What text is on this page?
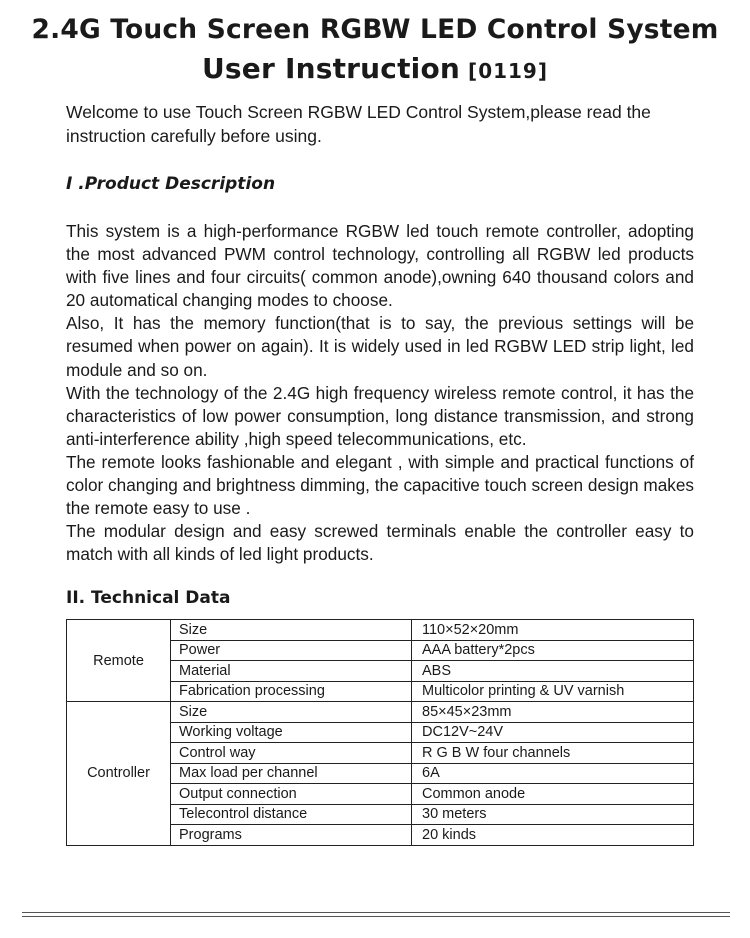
2.4G Touch Screen RGBW LED Control System
User Instruction [0119]

Welcome to use Touch Screen RGBW LED Control System,please read the instruction carefully before using.

I .Product Description

This system is a high-performance RGBW led touch remote controller, adopting the most advanced PWM control technology, controlling all RGBW led products with five lines and four circuits( common anode),owning 640 thousand colors and 20 automatical changing modes to choose.

Also, It has the memory function(that is to say, the previous settings will be resumed when power on again). It is widely used in led RGBW LED strip light, led module and so on.

With the technology of the 2.4G high frequency wireless remote control, it has the characteristics of low power consumption, long distance transmission, and strong anti-interference ability ,high speed telecommunications, etc.

The remote looks fashionable and elegant , with simple and practical functions of color changing and brightness dimming, the capacitive touch screen design makes the remote easy to use .

The modular design and easy screwed terminals enable the controller easy to match with all kinds of led light products.

II. Technical Data
Remote	Size	110×52×20mm
	Power	AAA battery*2pcs
	Material	ABS
	Fabrication processing	Multicolor printing & UV varnish
Controller	Size	85×45×23mm
	Working voltage	DC12V~24V
	Control way	R G B W four channels
	Max load per channel	6A
	Output connection	Common anode
	Telecontrol distance	30 meters
	Programs	20 kinds
